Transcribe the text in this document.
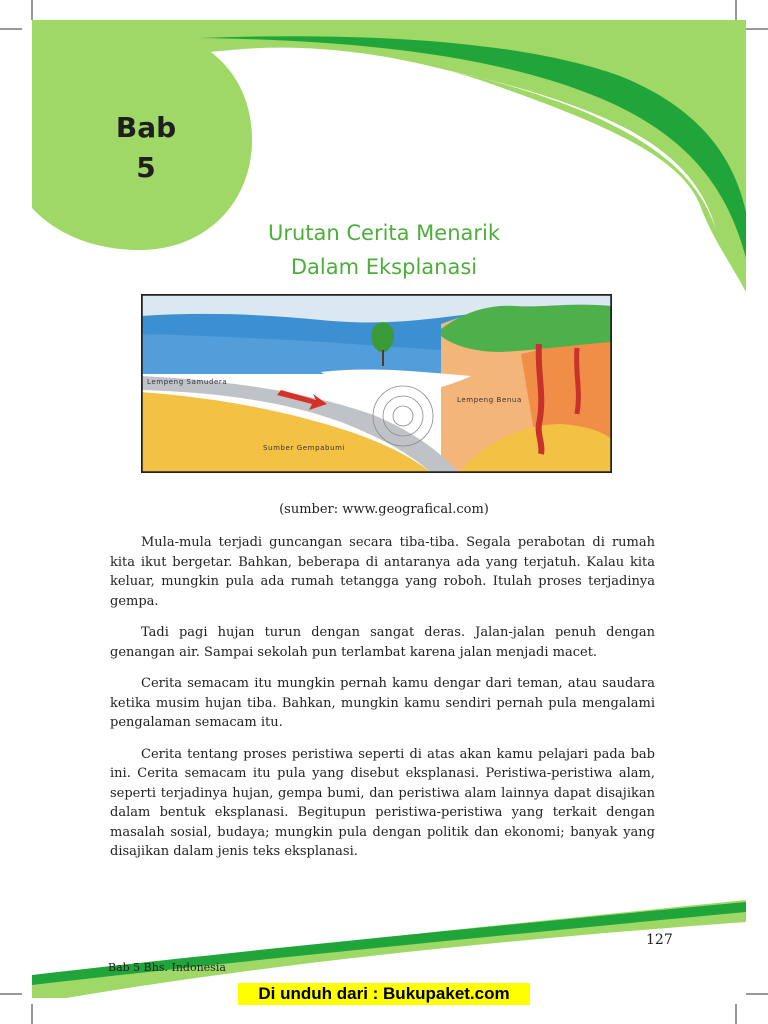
Bab
5
Urutan Cerita Menarik
Dalam Eksplanasi
Lempeng Samudera
Lempeng Benua
Sumber Gempabumi
(sumber: www.geografical.com)

Mula-mula terjadi guncangan secara tiba-tiba. Segala perabotan di rumah kita ikut bergetar. Bahkan, beberapa di antaranya ada yang terjatuh. Kalau kita keluar, mungkin pula ada rumah tetangga yang roboh. Itulah proses terjadinya gempa.

Tadi pagi hujan turun dengan sangat deras. Jalan-jalan penuh dengan genangan air. Sampai sekolah pun terlambat karena jalan menjadi macet.

Cerita semacam itu mungkin pernah kamu dengar dari teman, atau saudara ketika musim hujan tiba. Bahkan, mungkin kamu sendiri pernah pula mengalami pengalaman semacam itu.

Cerita tentang proses peristiwa seperti di atas akan kamu pelajari pada bab ini. Cerita semacam itu pula yang disebut eksplanasi. Peristiwa-peristiwa alam, seperti terjadinya hujan, gempa bumi, dan peristiwa alam lainnya dapat disajikan dalam bentuk eksplanasi. Begitupun peristiwa-peristiwa yang terkait dengan masalah sosial, budaya; mungkin pula dengan politik dan ekonomi; banyak yang disajikan dalam jenis teks eksplanasi.

127
Bab 5 Bhs. Indonesia
Di unduh dari : Bukupaket.com
